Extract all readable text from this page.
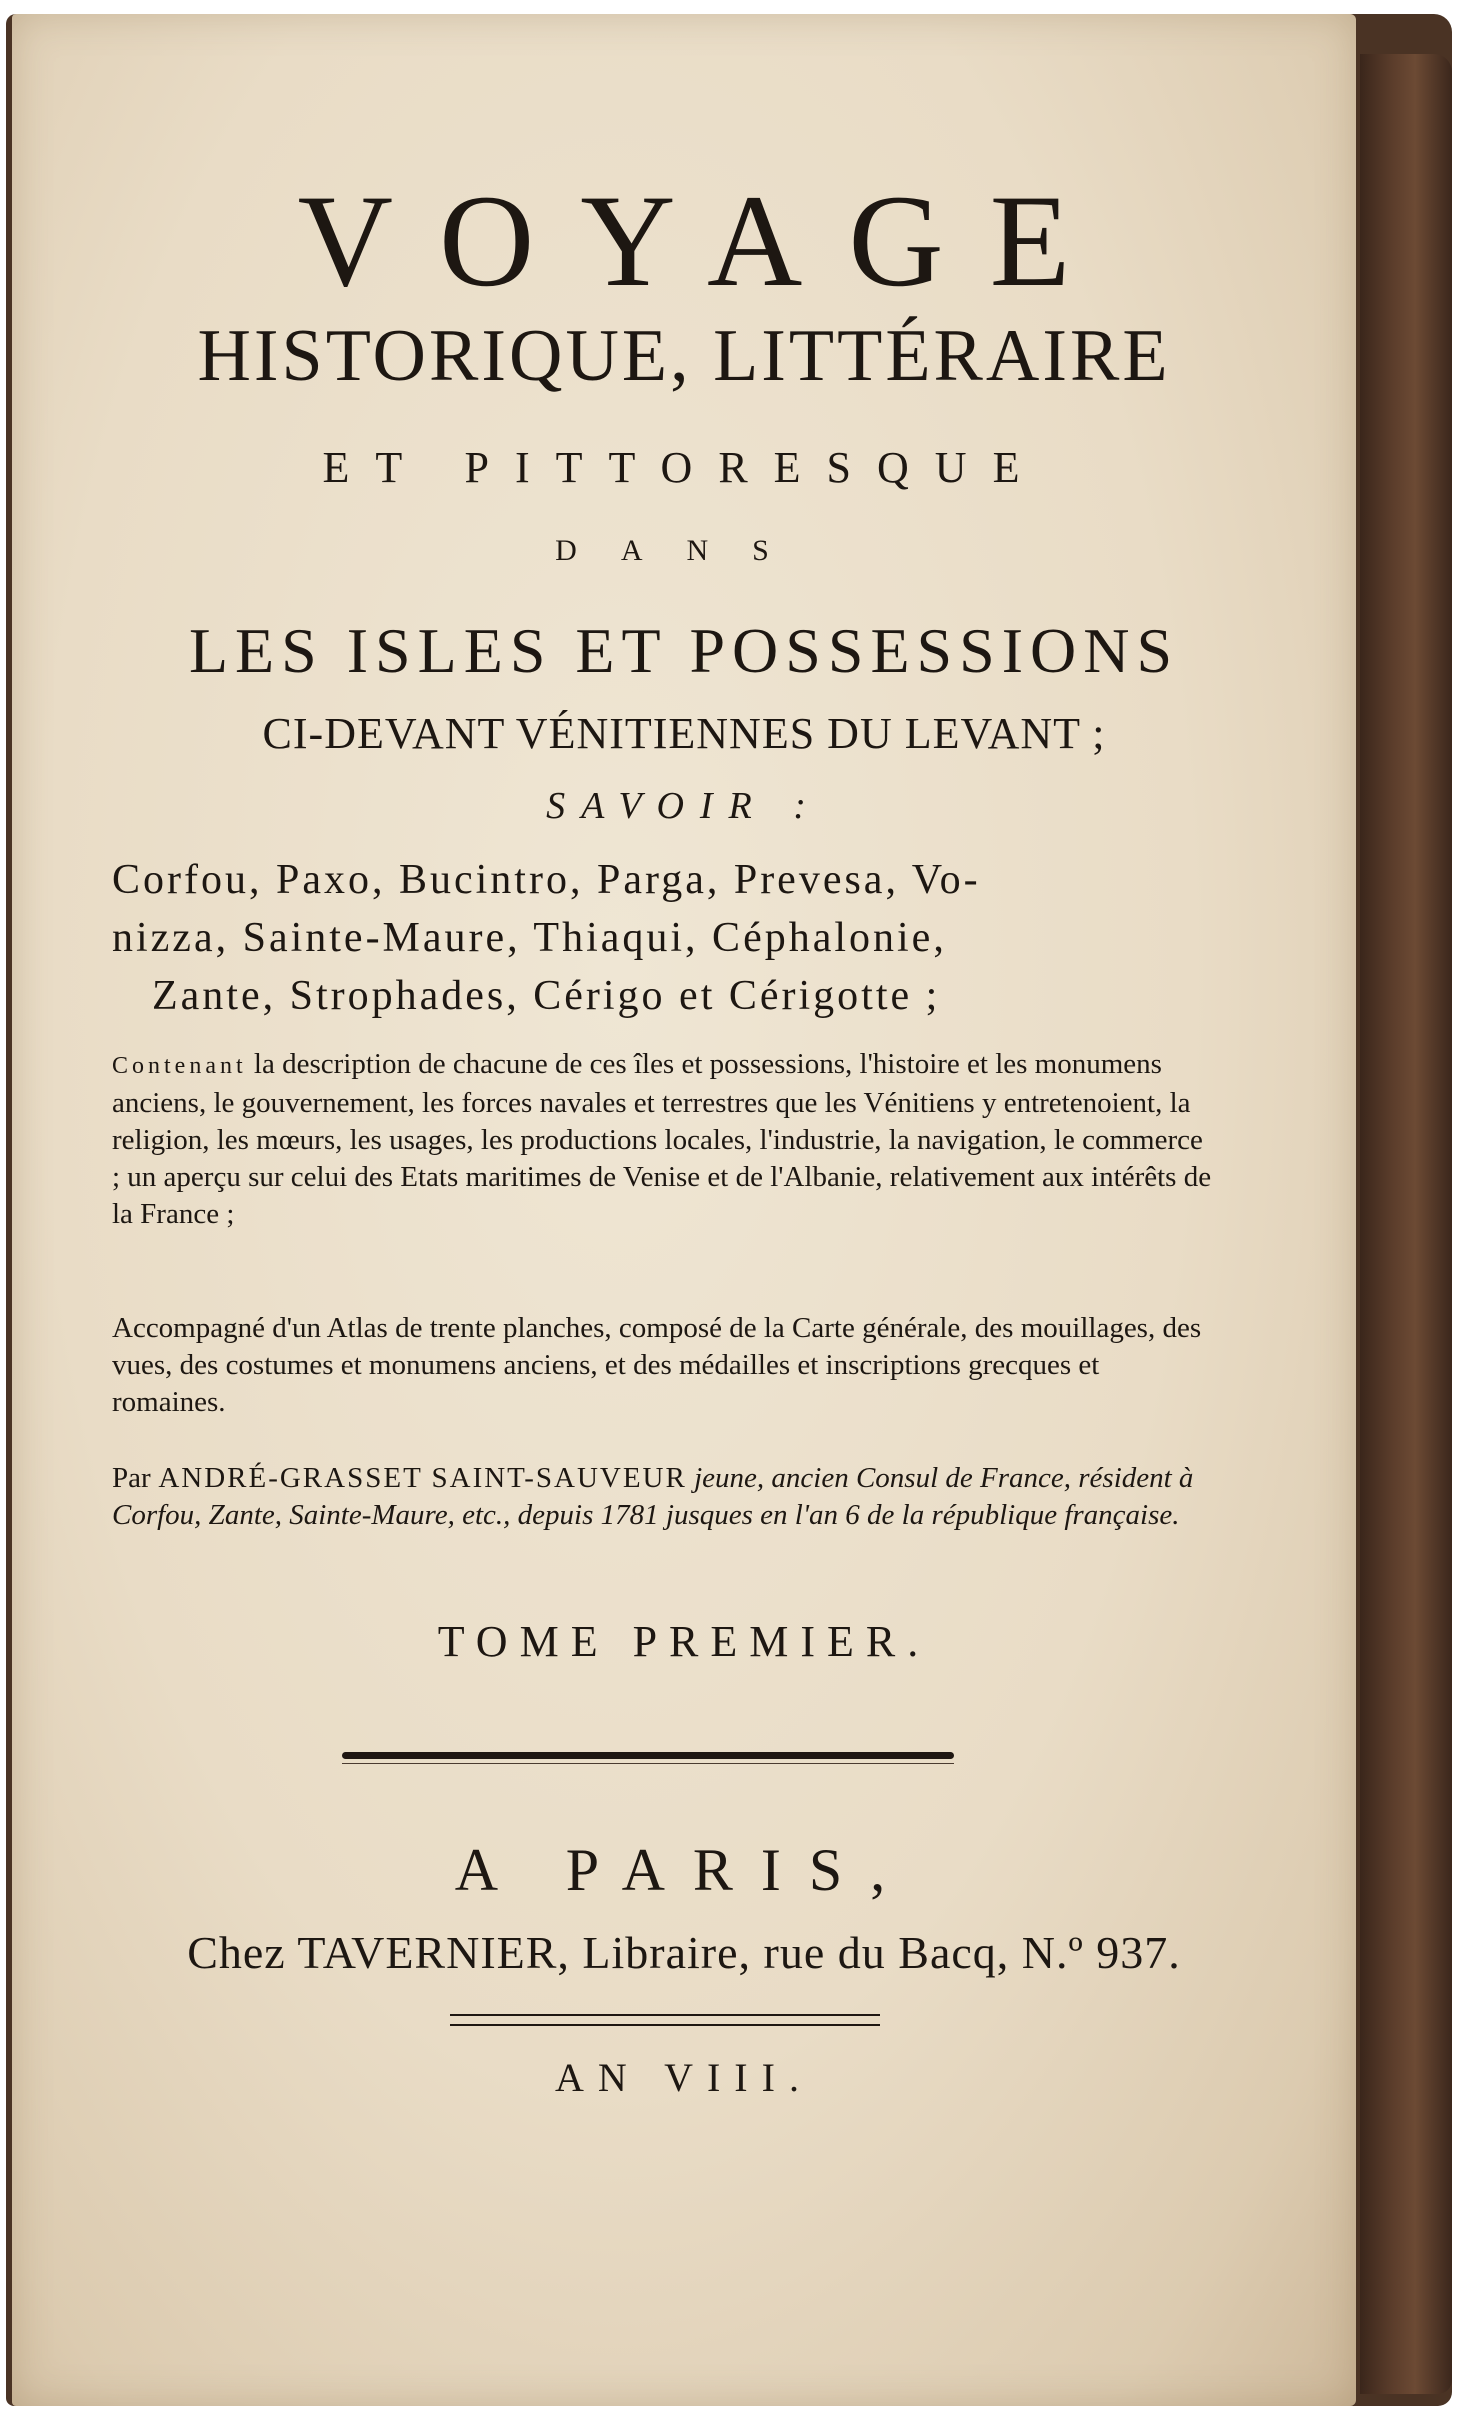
VOYAGE
HISTORIQUE, LITTÉRAIRE
ET PITTORESQUE
DANS
LES ISLES ET POSSESSIONS
CI-DEVANT VÉNITIENNES DU LEVANT ;
SAVOIR :
Corfou, Paxo, Bucintro, Parga, Prevesa, Vo-
nizza, Sainte-Maure, Thiaqui, Céphalonie,
Zante, Strophades, Cérigo et Cérigotte ;
Contenant la description de chacune de ces îles et possessions, l'histoire et les monumens anciens, le gouvernement, les forces navales et terrestres que les Vénitiens y entretenoient, la religion, les mœurs, les usages, les productions locales, l'industrie, la navigation, le commerce ; un aperçu sur celui des Etats maritimes de Venise et de l'Albanie, relativement aux intérêts de la France ;
Accompagné d'un Atlas de trente planches, composé de la Carte générale, des mouillages, des vues, des costumes et monumens anciens, et des médailles et inscriptions grecques et romaines.
Par ANDRÉ-GRASSET SAINT-SAUVEUR jeune, ancien Consul de France, résident à Corfou, Zante, Sainte-Maure, etc., depuis 1781 jusques en l'an 6 de la république française.
TOME PREMIER.
A PARIS,
Chez TAVERNIER, Libraire, rue du Bacq, N.º 937.
AN VIII.
